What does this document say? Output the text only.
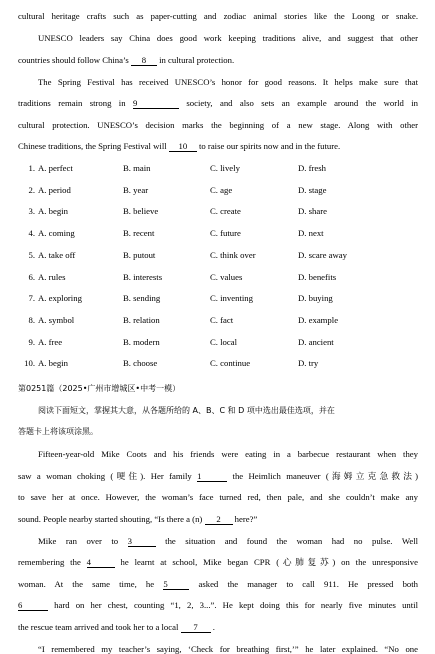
cultural heritage crafts such as paper-cutting and zodiac animal stories like the Loong or snake.
UNESCO leaders say China does good work keeping traditions alive, and suggest that other
countries should follow China’s 8 in cultural protection.
The Spring Festival has received UNESCO’s honor for good reasons. It helps make sure that
traditions remain strong in 9	society, and also sets an example around the world in
cultural protection. UNESCO’s decision marks the beginning of a new stage. Along with other
Chinese traditions, the Spring Festival will 10 to raise our spirits now and in the future.
1. A. perfect	B. main	C. lively	D. fresh
2. A. period	B. year	C. age	D. stage
3. A. begin	B. believe	C. create	D. share
4. A. coming	B. recent	C. future	D. next
5. A. take off	B. putout	C. think over	D. scare away
6. A. rules	B. interests	C. values	D. benefits
7. A. exploring	B. sending	C. inventing	D. buying
8. A. symbol	B. relation	C. fact	D. example
9. A. free	B. modern	C. local	D. ancient
10. A. begin	B. choose	C. continue	D. try
第0251篇（2025•广州市增城区•中考一模）
阅读下面短文，掌握其大意，从各题所给的 A、B、C 和 D 项中选出最佳选项，并在
答题卡上将该项涂黑。
Fifteen-year-old Mike Coots and his friends were eating in a barbecue restaurant when they
saw a woman choking (哽住). Her family 1	the Heimlich maneuver (海姆立克急救法)
to save her at once. However, the woman’s face turned red, then pale, and she couldn’t make any
sound. People nearby started shouting, “Is there a (n) 2 here?”
Mike ran over to 3	the situation and found the woman had no pulse. Well
remembering the 4	he learnt at school, Mike began CPR (心肺复苏) on the unresponsive
woman. At the same time, he 5	asked the manager to call 911. He pressed both
6	hard on her chest, counting “1, 2, 3...”. He kept doing this for nearly five minutes until
the rescue team arrived and took her to a local 7 .
“I remembered my teacher’s saying, ‘Check for breathing first,’” he later explained. “No one
